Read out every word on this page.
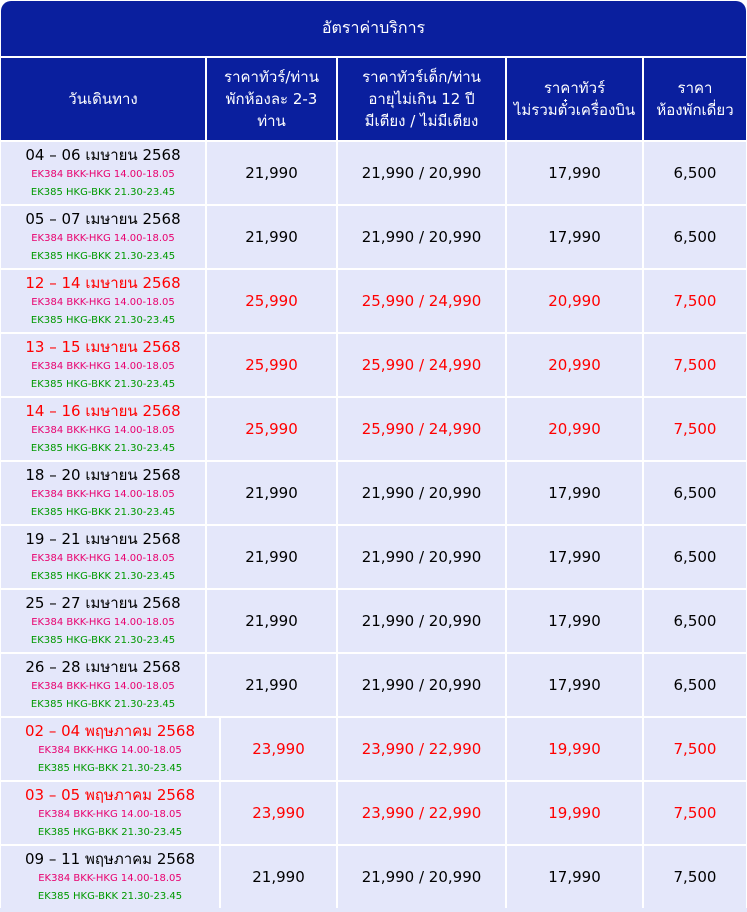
อัตราค่าบริการ
วันเดินทาง
ราคาทัวร์/ท่าน
พักห้องละ 2-3
ท่าน
ราคาทัวร์เด็ก/ท่าน
อายุไม่เกิน 12 ปี
มีเตียง / ไม่มีเตียง
ราคาทัวร์
ไม่รวมตั๋วเครื่องบิน
ราคา
ห้องพักเดี่ยว
04 – 06 เมษายน 2568
EK384 BKK-HKG 14.00-18.05
EK385 HKG-BKK 21.30-23.45
21,990	21,990 / 20,990	17,990	6,500
05 – 07 เมษายน 2568
EK384 BKK-HKG 14.00-18.05
EK385 HKG-BKK 21.30-23.45
21,990	21,990 / 20,990	17,990	6,500
12 – 14 เมษายน 2568
EK384 BKK-HKG 14.00-18.05
EK385 HKG-BKK 21.30-23.45
25,990	25,990 / 24,990	20,990	7,500
13 – 15 เมษายน 2568
EK384 BKK-HKG 14.00-18.05
EK385 HKG-BKK 21.30-23.45
25,990	25,990 / 24,990	20,990	7,500
14 – 16 เมษายน 2568
EK384 BKK-HKG 14.00-18.05
EK385 HKG-BKK 21.30-23.45
25,990	25,990 / 24,990	20,990	7,500
18 – 20 เมษายน 2568
EK384 BKK-HKG 14.00-18.05
EK385 HKG-BKK 21.30-23.45
21,990	21,990 / 20,990	17,990	6,500
19 – 21 เมษายน 2568
EK384 BKK-HKG 14.00-18.05
EK385 HKG-BKK 21.30-23.45
21,990	21,990 / 20,990	17,990	6,500
25 – 27 เมษายน 2568
EK384 BKK-HKG 14.00-18.05
EK385 HKG-BKK 21.30-23.45
21,990	21,990 / 20,990	17,990	6,500
26 – 28 เมษายน 2568
EK384 BKK-HKG 14.00-18.05
EK385 HKG-BKK 21.30-23.45
21,990	21,990 / 20,990	17,990	6,500
02 – 04 พฤษภาคม 2568
EK384 BKK-HKG 14.00-18.05
EK385 HKG-BKK 21.30-23.45
23,990	23,990 / 22,990	19,990	7,500
03 – 05 พฤษภาคม 2568
EK384 BKK-HKG 14.00-18.05
EK385 HKG-BKK 21.30-23.45
23,990	23,990 / 22,990	19,990	7,500
09 – 11 พฤษภาคม 2568
EK384 BKK-HKG 14.00-18.05
EK385 HKG-BKK 21.30-23.45
21,990	21,990 / 20,990	17,990	7,500
